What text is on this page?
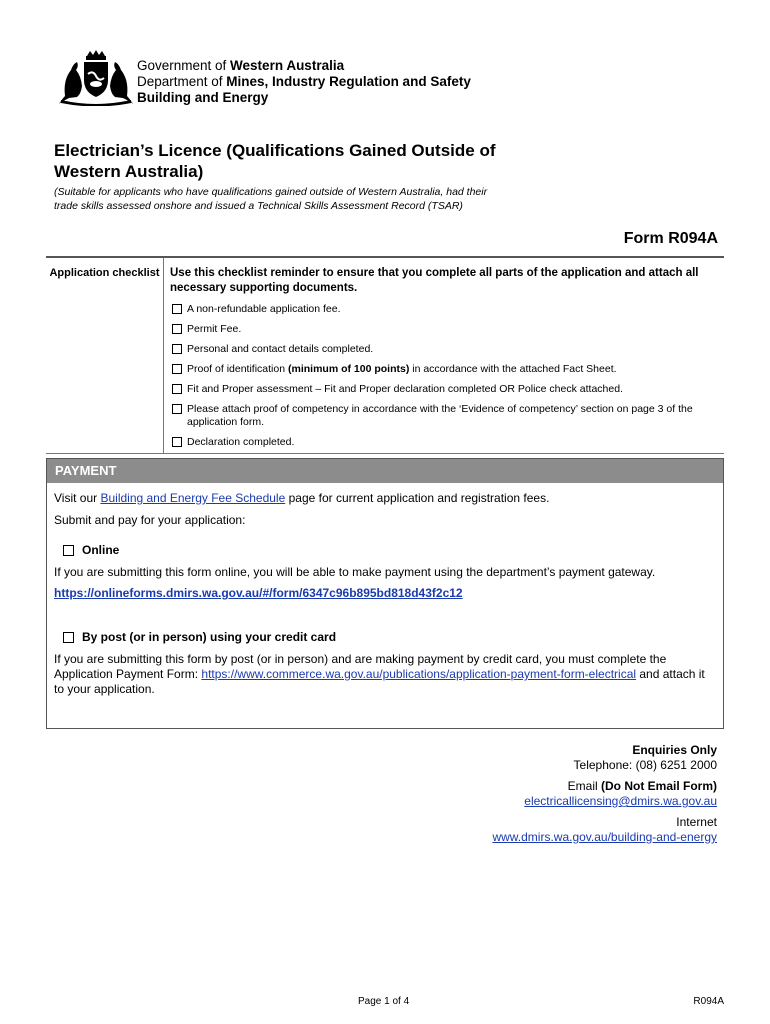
Government of Western Australia
Department of Mines, Industry Regulation and Safety
Building and Energy
Electrician’s Licence (Qualifications Gained Outside of Western Australia)
(Suitable for applicants who have qualifications gained outside of Western Australia, had their trade skills assessed onshore and issued a Technical Skills Assessment Record (TSAR)
Form R094A
Application checklist Use this checklist reminder to ensure that you complete all parts of the application and attach all necessary supporting documents.
A non-refundable application fee.
Permit Fee.
Personal and contact details completed.
Proof of identification (minimum of 100 points) in accordance with the attached Fact Sheet.
Fit and Proper assessment – Fit and Proper declaration completed OR Police check attached.
Please attach proof of competency in accordance with the ‘Evidence of competency’ section on page 3 of the application form.
Declaration completed.
PAYMENT
Visit our Building and Energy Fee Schedule page for current application and registration fees.
Submit and pay for your application:
Online
If you are submitting this form online, you will be able to make payment using the department’s payment gateway.
https://onlineforms.dmirs.wa.gov.au/#/form/6347c96b895bd818d43f2c12
By post (or in person) using your credit card
If you are submitting this form by post (or in person) and are making payment by credit card, you must complete the Application Payment Form: https://www.commerce.wa.gov.au/publications/application-payment-form-electrical and attach it to your application.
Enquiries Only
Telephone: (08) 6251 2000
Email (Do Not Email Form)
electricallicensing@dmirs.wa.gov.au
Internet
www.dmirs.wa.gov.au/building-and-energy
Page 1 of 4	R094A
